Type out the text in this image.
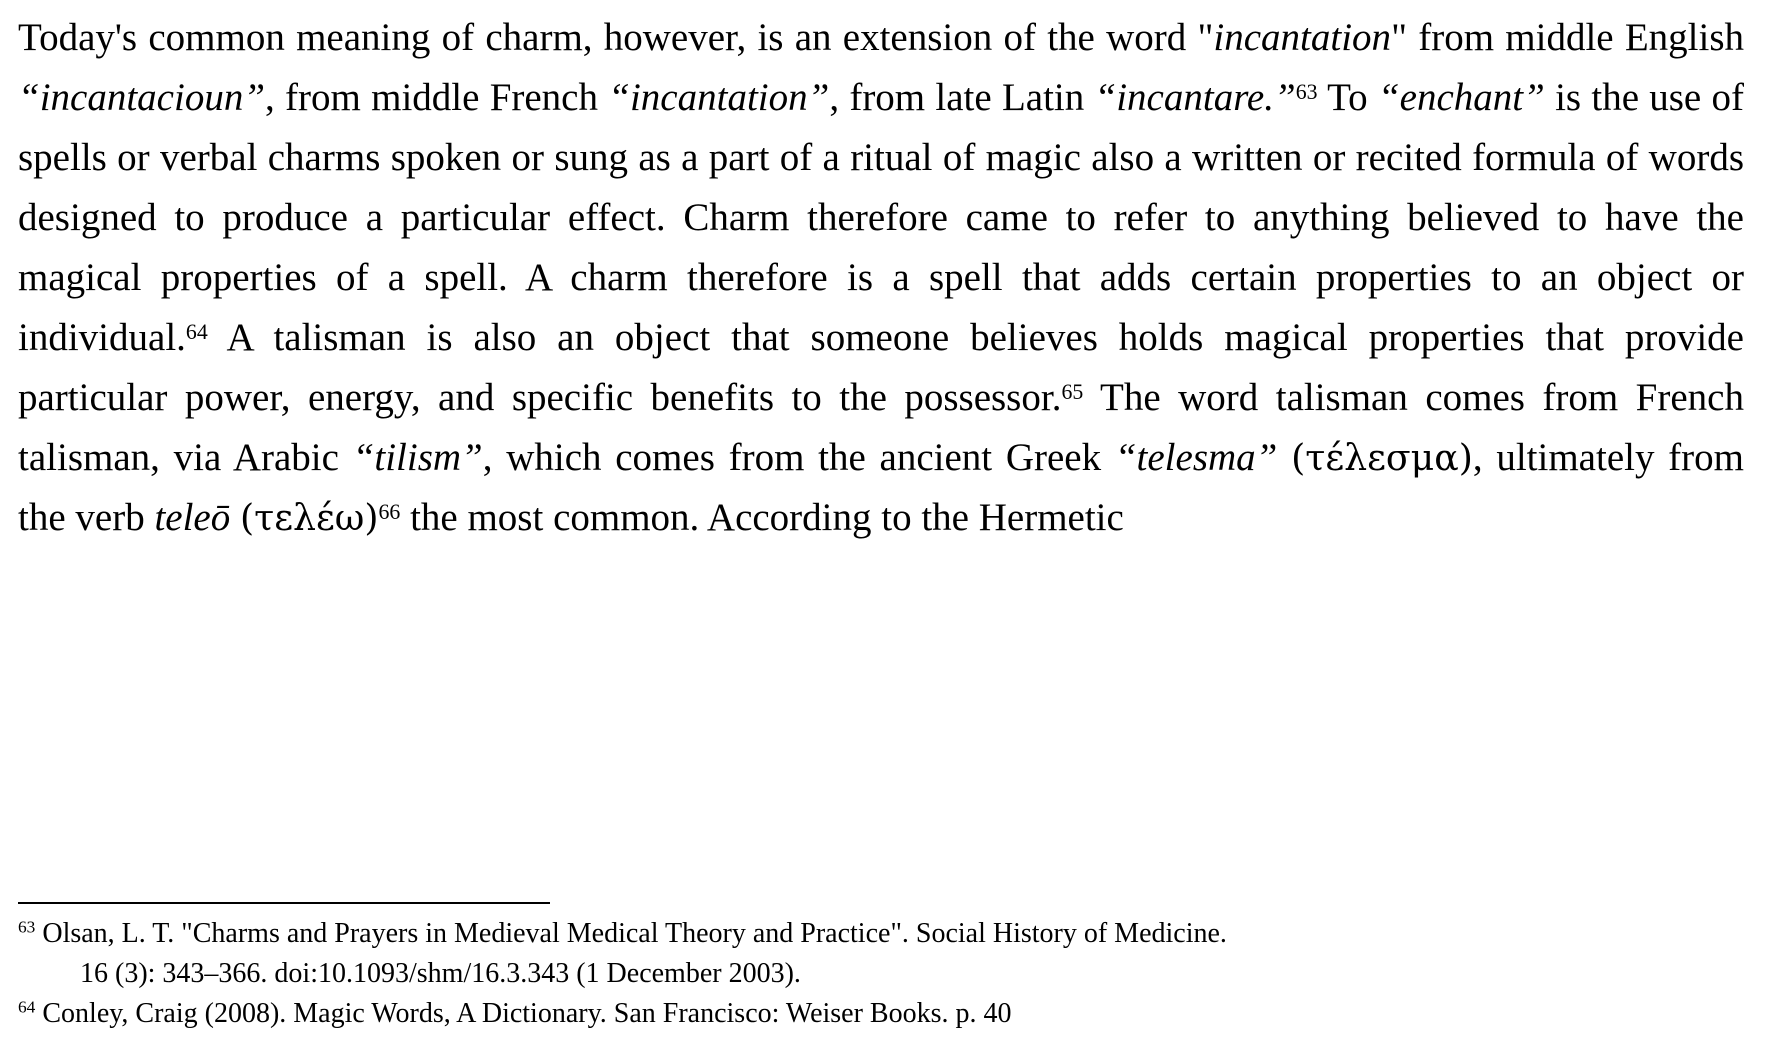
Today's common meaning of charm, however, is an extension of the word "incantation" from middle English “incantacioun”, from middle French “incantation”, from late Latin “incantare.”$^{63}$ To “enchant” is the use of spells or verbal charms spoken or sung as a part of a ritual of magic also a written or recited formula of words designed to produce a particular effect. Charm therefore came to refer to anything believed to have the magical properties of a spell. A charm therefore is a spell that adds certain properties to an object or individual.$^{64}$ A talisman is also an object that someone believes holds magical properties that provide particular power, energy, and specific benefits to the possessor.$^{65}$ The word talisman comes from French talisman, via Arabic “tilism”, which comes from the ancient Greek “telesma” (τέλεσμα), ultimately from the verb teleō $(\tau\varepsilon\lambda έ\omega)^{66}$ the most common. According to the Hermetic

$^{63}$ Olsan, L. T. "Charms and Prayers in Medieval Medical Theory and Practice". Social History of Medicine.
16 (3): 343–366. doi:10.1093/shm/16.3.343 (1 December 2003).

$^{64}$ Conley, Craig (2008). Magic Words, A Dictionary. San Francisco: Weiser Books. p. 40
